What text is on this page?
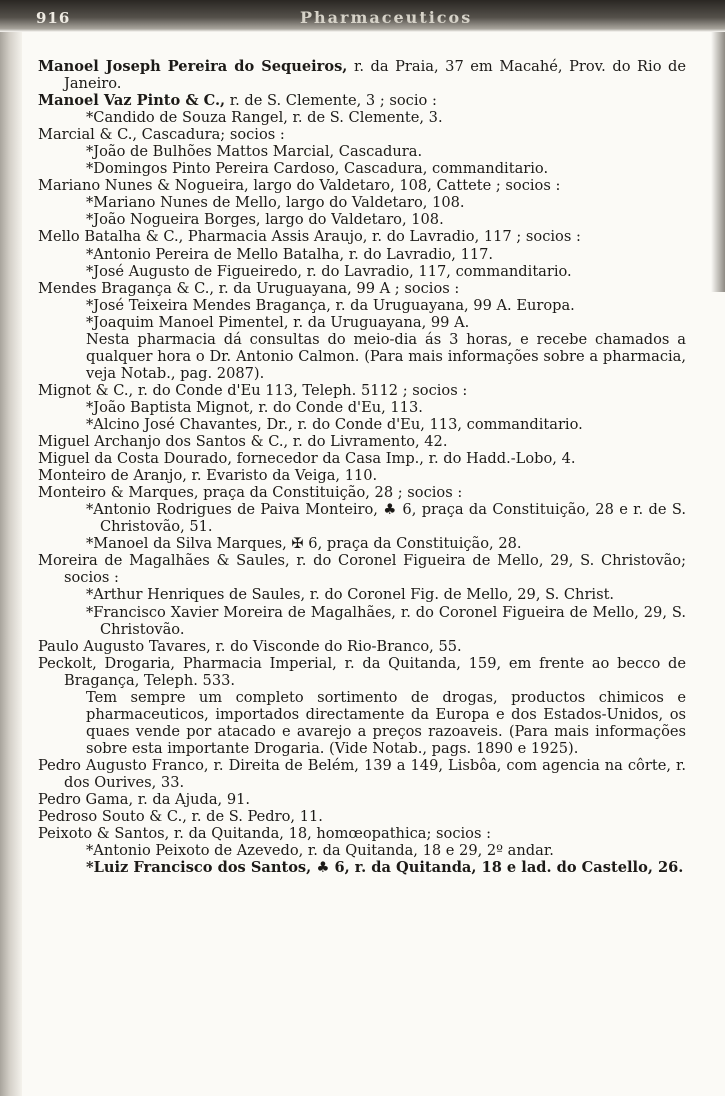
916	Pharmaceuticos

Manoel Joseph Pereira do Sequeiros, r. da Praia, 37 em Macahé, Prov. do Rio de Janeiro.

Manoel Vaz Pinto & C., r. de S. Clemente, 3 ; socio :

*Candido de Souza Rangel, r. de S. Clemente, 3.

Marcial & C., Cascadura; socios :

*João de Bulhões Mattos Marcial, Cascadura.

*Domingos Pinto Pereira Cardoso, Cascadura, commanditario.

Mariano Nunes & Nogueira, largo do Valdetaro, 108, Cattete ; socios :

*Mariano Nunes de Mello, largo do Valdetaro, 108.

*João Nogueira Borges, largo do Valdetaro, 108.

Mello Batalha & C., Pharmacia Assis Araujo, r. do Lavradio, 117 ; socios :

*Antonio Pereira de Mello Batalha, r. do Lavradio, 117.

*José Augusto de Figueiredo, r. do Lavradio, 117, commanditario.

Mendes Bragança & C., r. da Uruguayana, 99 A ; socios :

*José Teixeira Mendes Bragança, r. da Uruguayana, 99 A. Europa.

*Joaquim Manoel Pimentel, r. da Uruguayana, 99 A.

Nesta pharmacia dá consultas do meio-dia ás 3 horas, e recebe chamados a qualquer hora o Dr. Antonio Calmon. (Para mais informações sobre a pharmacia, veja Notab., pag. 2087).

Mignot & C., r. do Conde d'Eu 113, Teleph. 5112 ; socios :

*João Baptista Mignot, r. do Conde d'Eu, 113.

*Alcino José Chavantes, Dr., r. do Conde d'Eu, 113, commanditario.

Miguel Archanjo dos Santos & C., r. do Livramento, 42.

Miguel da Costa Dourado, fornecedor da Casa Imp., r. do Hadd.-Lobo, 4.

Monteiro de Aranjo, r. Evaristo da Veiga, 110.

Monteiro & Marques, praça da Constituição, 28 ; socios :

*Antonio Rodrigues de Paiva Monteiro, ♣ 6, praça da Constituição, 28 e r. de S. Christovão, 51.

*Manoel da Silva Marques, ✠ 6, praça da Constituição, 28.

Moreira de Magalhães & Saules, r. do Coronel Figueira de Mello, 29, S. Christovão; socios :

*Arthur Henriques de Saules, r. do Coronel Fig. de Mello, 29, S. Christ.

*Francisco Xavier Moreira de Magalhães, r. do Coronel Figueira de Mello, 29, S. Christovão.

Paulo Augusto Tavares, r. do Visconde do Rio-Branco, 55.

Peckolt, Drogaria, Pharmacia Imperial, r. da Quitanda, 159, em frente ao becco de Bragança, Teleph. 533.

Tem sempre um completo sortimento de drogas, productos chimicos e pharmaceuticos, importados directamente da Europa e dos Estados-Unidos, os quaes vende por atacado e avarejo a preços razoaveis. (Para mais informações sobre esta importante Drogaria. (Vide Notab., pags. 1890 e 1925).

Pedro Augusto Franco, r. Direita de Belém, 139 a 149, Lisbôa, com agencia na côrte, r. dos Ourives, 33.

Pedro Gama, r. da Ajuda, 91.

Pedroso Souto & C., r. de S. Pedro, 11.

Peixoto & Santos, r. da Quitanda, 18, homœopathica; socios :

*Antonio Peixoto de Azevedo, r. da Quitanda, 18 e 29, 2º andar.

*Luiz Francisco dos Santos, ♣ 6, r. da Quitanda, 18 e lad. do Castello, 26.
